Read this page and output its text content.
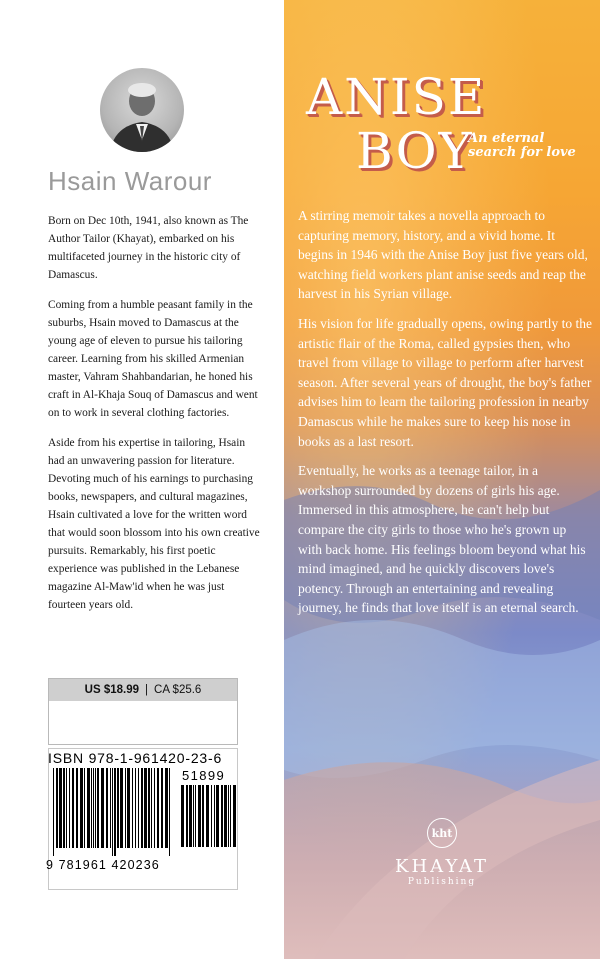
Hsain Warour

Born on Dec 10th, 1941, also known as The Author Tailor (Khayat), embarked on his multifaceted journey in the historic city of Damascus.

Coming from a humble peasant family in the suburbs, Hsain moved to Damascus at the young age of eleven to pursue his tailoring career. Learning from his skilled Armenian master, Vahram Shahbandarian, he honed his craft in Al-Khaja Souq of Damascus and went on to work in several clothing factories.

Aside from his expertise in tailoring, Hsain had an unwavering passion for literature. Devoting much of his earnings to purchasing books, newspapers, and cultural magazines, Hsain cultivated a love for the written word that would soon blossom into his own creative pursuits. Remarkably, his first poetic experience was published in the Lebanese magazine Al-Maw'id when he was just fourteen years old.

US $18.99 | CA $25.6

ISBN 978-1-961420-23-6

51899

9 781961 420236

ANISE
BOY

An eternal search for love

A stirring memoir takes a novella approach to capturing memory, history, and a vivid home. It begins in 1946 with the Anise Boy just five years old, watching field workers plant anise seeds and reap the harvest in his Syrian village.

His vision for life gradually opens, owing partly to the artistic flair of the Roma, called gypsies then, who travel from village to village to perform after harvest season. After several years of drought, the boy's father advises him to learn the tailoring profession in nearby Damascus while he makes sure to keep his nose in books as a last resort.

Eventually, he works as a teenage tailor, in a workshop surrounded by dozens of girls his age. Immersed in this atmosphere, he can't help but compare the city girls to those who he's grown up with back home. His feelings bloom beyond what his mind imagined, and he quickly discovers love's potency. Through an entertaining and revealing journey, he finds that love itself is an eternal search.

kht

KHAYAT

Publishing
